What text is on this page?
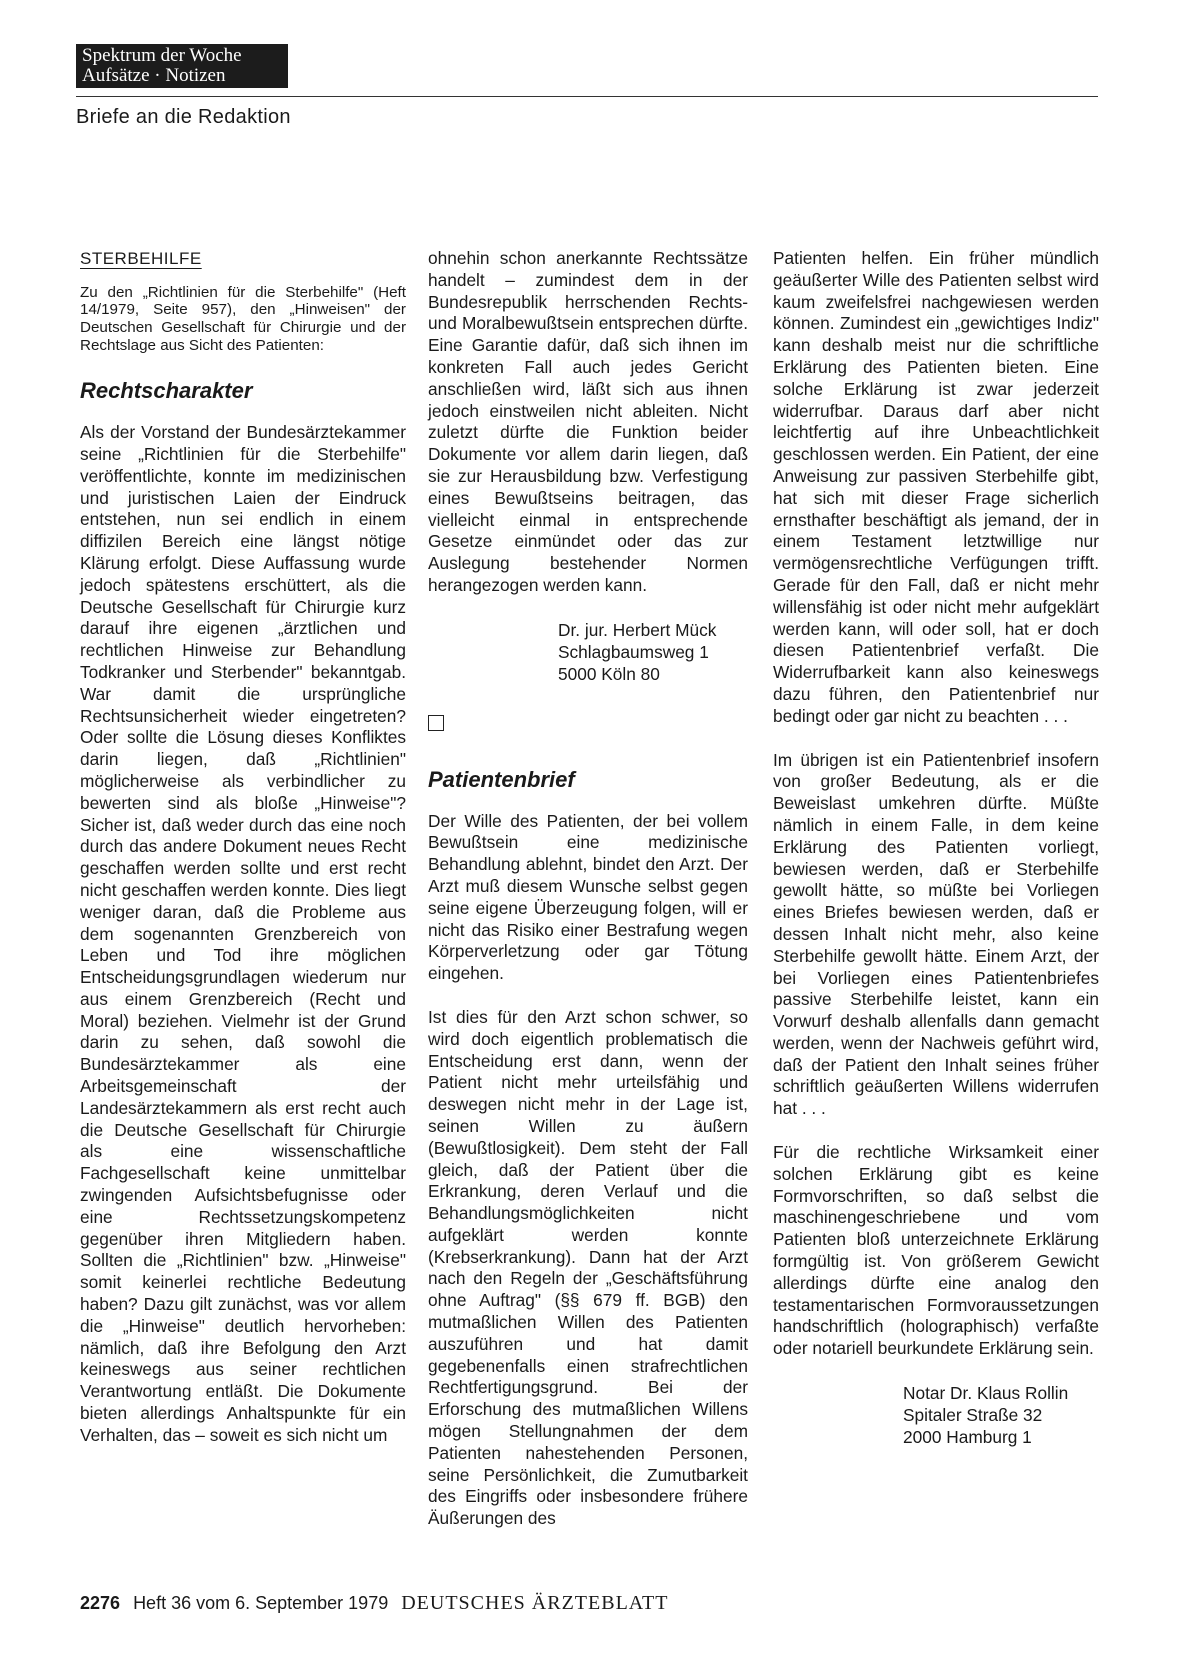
Spektrum der Woche
Aufsätze · Notizen
Briefe an die Redaktion

STERBEHILFE

Zu den „Richtlinien für die Sterbehilfe" (Heft 14/1979, Seite 957), den „Hinweisen" der Deutschen Gesellschaft für Chirurgie und der Rechtslage aus Sicht des Patienten:

Rechtscharakter

Als der Vorstand der Bundesärztekammer seine „Richtlinien für die Sterbehilfe" veröffentlichte, konnte im medizinischen und juristischen Laien der Eindruck entstehen, nun sei endlich in einem diffizilen Bereich eine längst nötige Klärung erfolgt. Diese Auffassung wurde jedoch spätestens erschüttert, als die Deutsche Gesellschaft für Chirurgie kurz darauf ihre eigenen „ärztlichen und rechtlichen Hinweise zur Behandlung Todkranker und Sterbender" bekanntgab. War damit die ursprüngliche Rechtsunsicherheit wieder eingetreten? Oder sollte die Lösung dieses Konfliktes darin liegen, daß „Richtlinien" möglicherweise als verbindlicher zu bewerten sind als bloße „Hinweise"? Sicher ist, daß weder durch das eine noch durch das andere Dokument neues Recht geschaffen werden sollte und erst recht nicht geschaffen werden konnte. Dies liegt weniger daran, daß die Probleme aus dem sogenannten Grenzbereich von Leben und Tod ihre möglichen Entscheidungsgrundlagen wiederum nur aus einem Grenzbereich (Recht und Moral) beziehen. Vielmehr ist der Grund darin zu sehen, daß sowohl die Bundesärztekammer als eine Arbeitsgemeinschaft der Landesärztekammern als erst recht auch die Deutsche Gesellschaft für Chirurgie als eine wissenschaftliche Fachgesellschaft keine unmittelbar zwingenden Aufsichtsbefugnisse oder eine Rechtssetzungskompetenz gegenüber ihren Mitgliedern haben. Sollten die „Richtlinien" bzw. „Hinweise" somit keinerlei rechtliche Bedeutung haben? Dazu gilt zunächst, was vor allem die „Hinweise" deutlich hervorheben: nämlich, daß ihre Befolgung den Arzt keineswegs aus seiner rechtlichen Verantwortung entläßt. Die Dokumente bieten allerdings Anhaltspunkte für ein Verhalten, das – soweit es sich nicht um

ohnehin schon anerkannte Rechtssätze handelt – zumindest dem in der Bundesrepublik herrschenden Rechts- und Moralbewußtsein entsprechen dürfte. Eine Garantie dafür, daß sich ihnen im konkreten Fall auch jedes Gericht anschließen wird, läßt sich aus ihnen jedoch einstweilen nicht ableiten. Nicht zuletzt dürfte die Funktion beider Dokumente vor allem darin liegen, daß sie zur Herausbildung bzw. Verfestigung eines Bewußtseins beitragen, das vielleicht einmal in entsprechende Gesetze einmündet oder das zur Auslegung bestehender Normen herangezogen werden kann.

Dr. jur. Herbert Mück
Schlagbaumsweg 1
5000 Köln 80

Patientenbrief

Der Wille des Patienten, der bei vollem Bewußtsein eine medizinische Behandlung ablehnt, bindet den Arzt. Der Arzt muß diesem Wunsche selbst gegen seine eigene Überzeugung folgen, will er nicht das Risiko einer Bestrafung wegen Körperverletzung oder gar Tötung eingehen.

Ist dies für den Arzt schon schwer, so wird doch eigentlich problematisch die Entscheidung erst dann, wenn der Patient nicht mehr urteilsfähig und deswegen nicht mehr in der Lage ist, seinen Willen zu äußern (Bewußtlosigkeit). Dem steht der Fall gleich, daß der Patient über die Erkrankung, deren Verlauf und die Behandlungsmöglichkeiten nicht aufgeklärt werden konnte (Krebserkrankung). Dann hat der Arzt nach den Regeln der „Geschäftsführung ohne Auftrag" (§§ 679 ff. BGB) den mutmaßlichen Willen des Patienten auszuführen und hat damit gegebenenfalls einen strafrechtlichen Rechtfertigungsgrund. Bei der Erforschung des mutmaßlichen Willens mögen Stellungnahmen der dem Patienten nahestehenden Personen, seine Persönlichkeit, die Zumutbarkeit des Eingriffs oder insbesondere frühere Äußerungen des

Patienten helfen. Ein früher mündlich geäußerter Wille des Patienten selbst wird kaum zweifelsfrei nachgewiesen werden können. Zumindest ein „gewichtiges Indiz" kann deshalb meist nur die schriftliche Erklärung des Patienten bieten. Eine solche Erklärung ist zwar jederzeit widerrufbar. Daraus darf aber nicht leichtfertig auf ihre Unbeachtlichkeit geschlossen werden. Ein Patient, der eine Anweisung zur passiven Sterbehilfe gibt, hat sich mit dieser Frage sicherlich ernsthafter beschäftigt als jemand, der in einem Testament letztwillige nur vermögensrechtliche Verfügungen trifft. Gerade für den Fall, daß er nicht mehr willensfähig ist oder nicht mehr aufgeklärt werden kann, will oder soll, hat er doch diesen Patientenbrief verfaßt. Die Widerrufbarkeit kann also keineswegs dazu führen, den Patientenbrief nur bedingt oder gar nicht zu beachten . . .

Im übrigen ist ein Patientenbrief insofern von großer Bedeutung, als er die Beweislast umkehren dürfte. Müßte nämlich in einem Falle, in dem keine Erklärung des Patienten vorliegt, bewiesen werden, daß er Sterbehilfe gewollt hätte, so müßte bei Vorliegen eines Briefes bewiesen werden, daß er dessen Inhalt nicht mehr, also keine Sterbehilfe gewollt hätte. Einem Arzt, der bei Vorliegen eines Patientenbriefes passive Sterbehilfe leistet, kann ein Vorwurf deshalb allenfalls dann gemacht werden, wenn der Nachweis geführt wird, daß der Patient den Inhalt seines früher schriftlich geäußerten Willens widerrufen hat . . .

Für die rechtliche Wirksamkeit einer solchen Erklärung gibt es keine Formvorschriften, so daß selbst die maschinengeschriebene und vom Patienten bloß unterzeichnete Erklärung formgültig ist. Von größerem Gewicht allerdings dürfte eine analog den testamentarischen Formvoraussetzungen handschriftlich (holographisch) verfaßte oder notariell beurkundete Erklärung sein.

Notar Dr. Klaus Rollin
Spitaler Straße 32
2000 Hamburg 1

2276 Heft 36 vom 6. September 1979 DEUTSCHES ÄRZTEBLATT
